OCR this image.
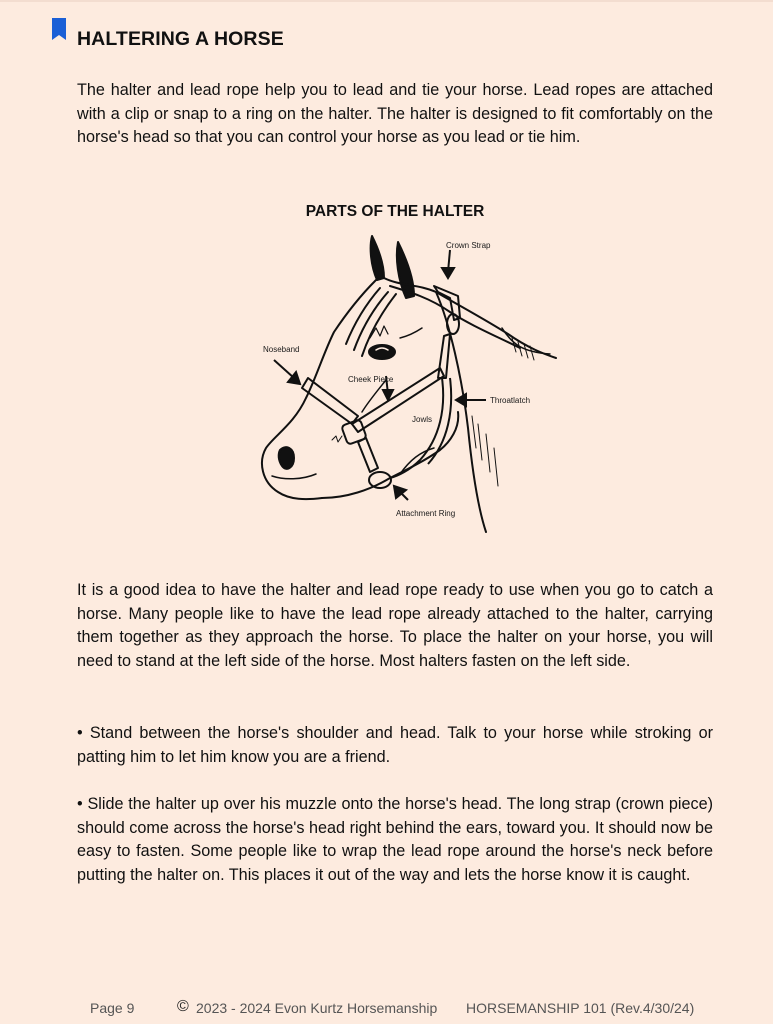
HALTERING A HORSE

The halter and lead rope help you to lead and tie your horse. Lead ropes are attached with a clip or snap to a ring on the halter. The halter is designed to fit comfortably on the horse's head so that you can control your horse as you lead or tie him.

PARTS OF THE HALTER
Crown Strap
Noseband
Cheek Piece
Throatlatch
Jowls
Attachment Ring

It is a good idea to have the halter and lead rope ready to use when you go to catch a horse. Many people like to have the lead rope already attached to the halter, carrying them together as they approach the horse. To place the halter on your horse, you will need to stand at the left side of the horse. Most halters fasten on the left side.

• Stand between the horse's shoulder and head. Talk to your horse while stroking or patting him to let him know you are a friend.

• Slide the halter up over his muzzle onto the horse's head. The long strap (crown piece) should come across the horse's head right behind the ears, toward you. It should now be easy to fasten. Some people like to wrap the lead rope around the horse's neck before putting the halter on. This places it out of the way and lets the horse know it is caught.

Page 9	© 2023 - 2024 Evon Kurtz Horsemanship HORSEMANSHIP 101 (Rev.4/30/24)
